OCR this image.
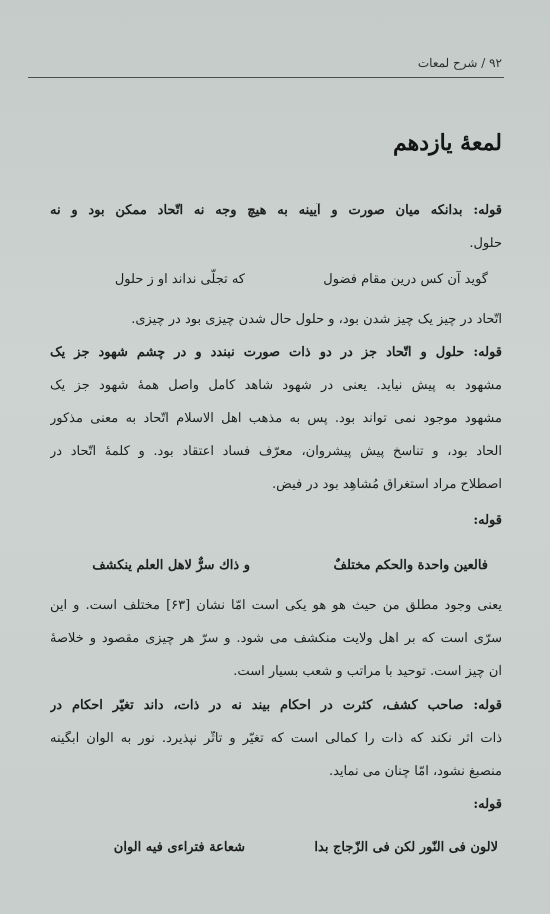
۹۲ / شرح لمعات
لمعهٔ یازدهم
قوله: بدانکه میان صورت و آیینه به هیچ وجه نه اتّحاد ممکن بود و نه
حلول.
گوید آن کس درین مقام فضول
که تجلّی نداند او ز حلول
اتّحاد در چیز یک چیز شدن بود، و حلول حال شدن چیزی بود در چیزی.
قوله: حلول و اتّحاد جز در دو ذات صورت نبندد و در چشم شهود جز یک
مشهود به پیش نیاید. یعنی در شهود شاهد کامل واصل همهٔ شهود جز یک
مشهود موجود نمی تواند بود. پس به مذهب اهل الاسلام اتّحاد به معنی مذکور
الحاد بود، و تناسخ پیش پیشروان، معرّف فساد اعتقاد بود. و کلمهٔ اتّحاد در
اصطلاح مراد استغراق مُشاهِد بود در فیض.
قوله:
فالعین واحدة والحکم مختلفٌ
و ذاك سرٌّ لاهل العلم ینکشف
یعنی وجود مطلق من حیث هو هو یکی است امّا نشان [۶۳] مختلف است. و این
سرّی است که بر اهل ولایت منکشف می شود. و سرّ هر چیزی مقصود و خلاصهٔ
آن چیز است. توحید با مراتب و شعب بسیار است.
قوله: صاحب کشف، کثرت در احکام بیند نه در ذات، داند تغیّر احکام در
ذات اثر نکند که ذات را کمالی است که تغیّر و تأثّر نپذیرد. نور به الوان آبگینه
منصبغ نشود، امّا چنان می نماید.
قوله:
لالون فی النّور لکن فی الزّجاج بدا
شعاعة فتراءی فیه الوان
